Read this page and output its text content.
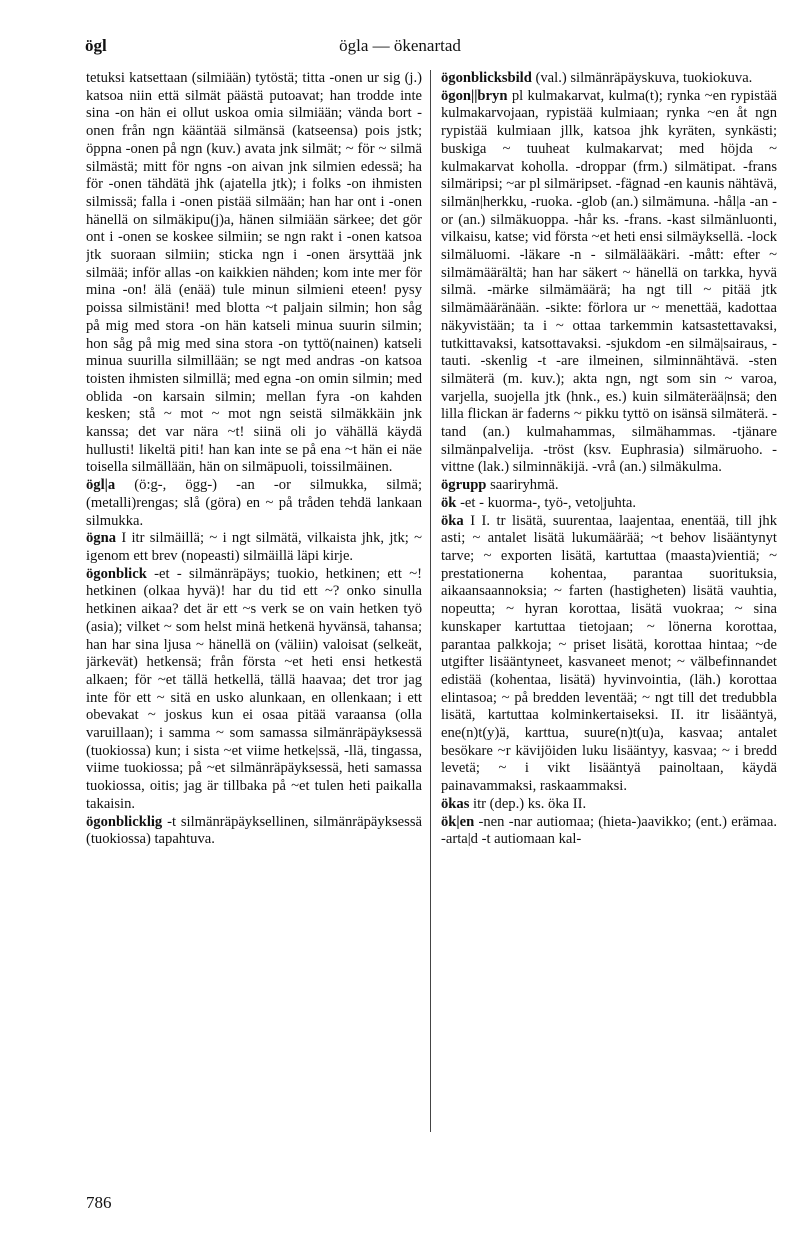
ögl	ögla — ökenartad

tetuksi katsettaan (silmiään) tytöstä; titta -onen ur sig (j.) katsoa niin että silmät päästä putoavat; han trodde inte sina -on hän ei ollut uskoa omia silmiään; vända bort -onen från ngn kääntää silmänsä (katseensa) pois jstk; öppna -onen på ngn (kuv.) avata jnk silmät; ~ för ~ silmä silmästä; mitt för ngns -on aivan jnk silmien edessä; ha för -onen tähdätä jhk (ajatella jtk); i folks -on ihmisten silmissä; falla i -onen pistää silmään; han har ont i -onen hänellä on silmäkipu(j)a, hänen silmiään särkee; det gör ont i -onen se koskee silmiin; se ngn rakt i -onen katsoa jtk suoraan silmiin; sticka ngn i -onen ärsyttää jnk silmää; inför allas -on kaikkien nähden; kom inte mer för mina -on! älä (enää) tule minun silmieni eteen! pysy poissa silmistäni! med blotta ~t paljain silmin; hon såg på mig med stora -on hän katseli minua suurin silmin; hon såg på mig med sina stora -on tyttö(nainen) katseli minua suurilla silmillään; se ngt med andras -on katsoa toisten ihmisten silmillä; med egna -on omin silmin; med oblida -on karsain silmin; mellan fyra -on kahden kesken; stå ~ mot ~ mot ngn seistä silmäkkäin jnk kanssa; det var nära ~t! siinä oli jo vähällä käydä hullusti! likeltä piti! han kan inte se på ena ~t hän ei näe toisella silmällään, hän on silmäpuoli, toissilmäinen.

ögl|a (ö:g-, ögg-) -an -or silmukka, silmä; (metalli)rengas; slå (göra) en ~ på tråden tehdä lankaan silmukka.

ögna I itr silmäillä; ~ i ngt silmätä, vilkaista jhk, jtk; ~ igenom ett brev (nopeasti) silmäillä läpi kirje.

ögonblick -et - silmänräpäys; tuokio, hetkinen; ett ~! hetkinen (olkaa hyvä)! har du tid ett ~? onko sinulla hetkinen aikaa? det är ett ~s verk se on vain hetken työ (asia); vilket ~ som helst minä hetkenä hyvänsä, tahansa; han har sina ljusa ~ hänellä on (väliin) valoisat (selkeät, järkevät) hetkensä; från första ~et heti ensi hetkestä alkaen; för ~et tällä hetkellä, tällä haavaa; det tror jag inte för ett ~ sitä en usko alunkaan, en ollenkaan; i ett obevakat ~ joskus kun ei osaa pitää varaansa (olla varuillaan); i samma ~ som samassa silmänräpäyksessä (tuokiossa) kun; i sista ~et viime hetke|ssä, -llä, tingassa, viime tuokiossa; på ~et silmänräpäyksessä, heti samassa tuokiossa, oitis; jag är tillbaka på ~et tulen heti paikalla takaisin.

ögonblicklig -t silmänräpäyksellinen, silmänräpäyksessä (tuokiossa) tapahtuva.

ögonblicksbild (val.) silmänräpäyskuva, tuokiokuva.

ögon||bryn pl kulmakarvat, kulma(t); rynka ~en rypistää kulmakarvojaan, rypistää kulmiaan; rynka ~en åt ngn rypistää kulmiaan jllk, katsoa jhk kyräten, synkästi; buskiga ~ tuuheat kulmakarvat; med höjda ~ kulmakarvat koholla. -droppar (frm.) silmätipat. -frans silmäripsi; ~ar pl silmäripset. -fägnad -en kaunis nähtävä, silmän|herkku, -ruoka. -glob (an.) silmämuna. -hål|a -an -or (an.) silmäkuoppa. -hår ks. -frans. -kast silmänluonti, vilkaisu, katse; vid första ~et heti ensi silmäyksellä. -lock silmäluomi. -läkare -n - silmälääkäri. -mått: efter ~ silmämäärältä; han har säkert ~ hänellä on tarkka, hyvä silmä. -märke silmämäärä; ha ngt till ~ pitää jtk silmämääränään. -sikte: förlora ur ~ menettää, kadottaa näkyvistään; ta i ~ ottaa tarkemmin katsastettavaksi, tutkittavaksi, katsottavaksi. -sjukdom -en silmä|sairaus, -tauti. -skenlig -t -are ilmeinen, silminnähtävä. -sten silmäterä (m. kuv.); akta ngn, ngt som sin ~ varoa, varjella, suojella jtk (hnk., es.) kuin silmäterää|nsä; den lilla flickan är faderns ~ pikku tyttö on isänsä silmäterä. -tand (an.) kulmahammas, silmähammas. -tjänare silmänpalvelija. -tröst (ksv. Euphrasia) silmäruoho. -vittne (lak.) silminnäkijä. -vrå (an.) silmäkulma.

ögrupp saariryhmä.

ök -et - kuorma-, työ-, veto|juhta.

öka I I. tr lisätä, suurentaa, laajentaa, enentää, till jhk asti; ~ antalet lisätä lukumäärää; ~t behov lisääntynyt tarve; ~ exporten lisätä, kartuttaa (maasta)vientiä; ~ prestationerna kohentaa, parantaa suorituksia, aikaansaannoksia; ~ farten (hastigheten) lisätä vauhtia, nopeutta; ~ hyran korottaa, lisätä vuokraa; ~ sina kunskaper kartuttaa tietojaan; ~ lönerna korottaa, parantaa palkkoja; ~ priset lisätä, korottaa hintaa; ~de utgifter lisääntyneet, kasvaneet menot; ~ välbefinnandet edistää (kohentaa, lisätä) hyvinvointia, (läh.) korottaa elintasoa; ~ på bredden leventää; ~ ngt till det tredubbla lisätä, kartuttaa kolminkertaiseksi. II. itr lisääntyä, ene(n)t(y)ä, karttua, suure(n)t(u)a, kasvaa; antalet besökare ~r kävijöiden luku lisääntyy, kasvaa; ~ i bredd levetä; ~ i vikt lisääntyä painoltaan, käydä painavammaksi, raskaammaksi.

ökas itr (dep.) ks. öka II.

ök|en -nen -nar autiomaa; (hieta-)aavikko; (ent.) erämaa. -arta|d -t autiomaan kal-

786
